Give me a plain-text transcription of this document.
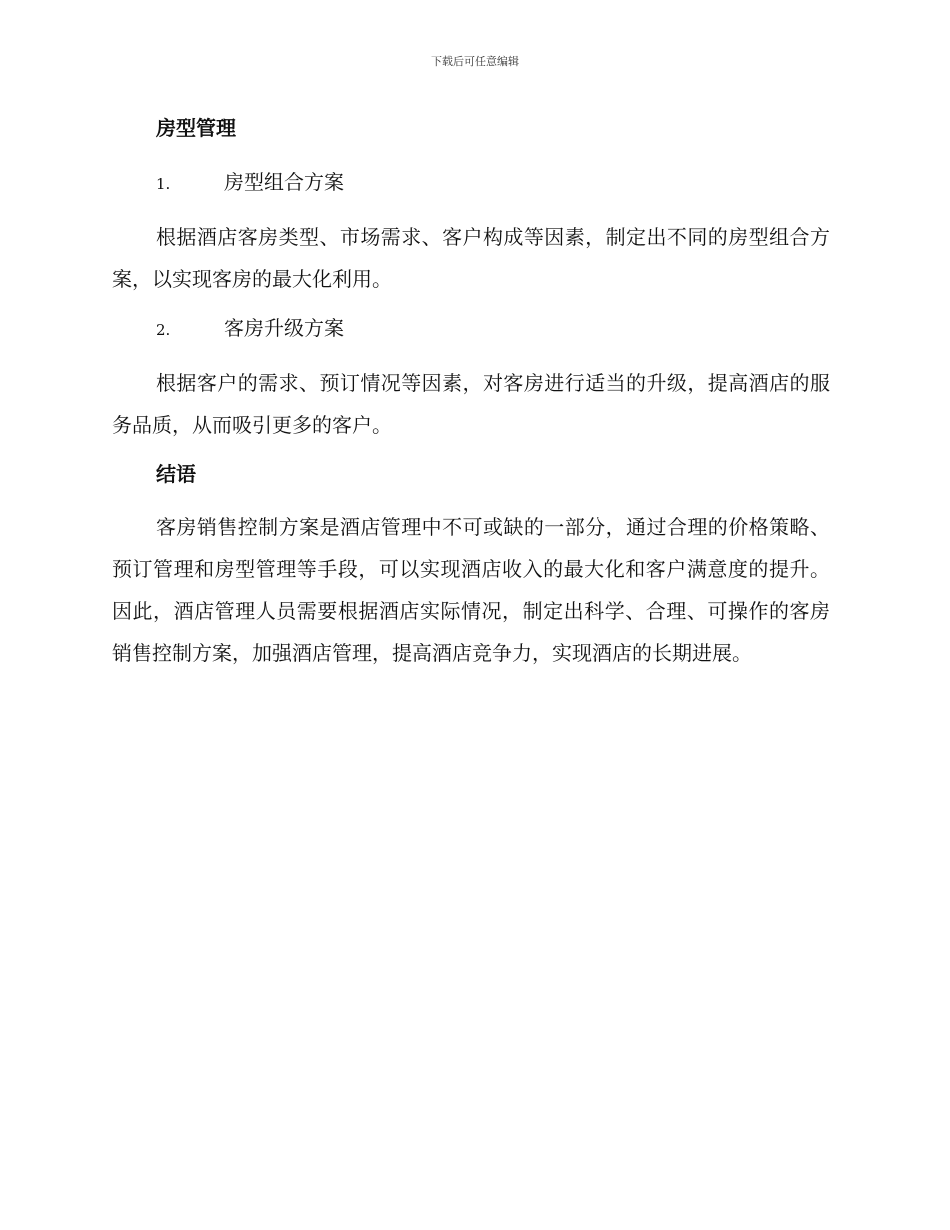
下载后可任意编辑
房型管理
1.	房型组合方案

根据酒店客房类型、市场需求、客户构成等因素，制定出不同的房型组合方案，以实现客房的最大化利用。

2.	客房升级方案

根据客户的需求、预订情况等因素，对客房进行适当的升级，提高酒店的服务品质，从而吸引更多的客户。

结语

客房销售控制方案是酒店管理中不可或缺的一部分，通过合理的价格策略、预订管理和房型管理等手段，可以实现酒店收入的最大化和客户满意度的提升。因此，酒店管理人员需要根据酒店实际情况，制定出科学、合理、可操作的客房销售控制方案，加强酒店管理，提高酒店竞争力，实现酒店的长期进展。
